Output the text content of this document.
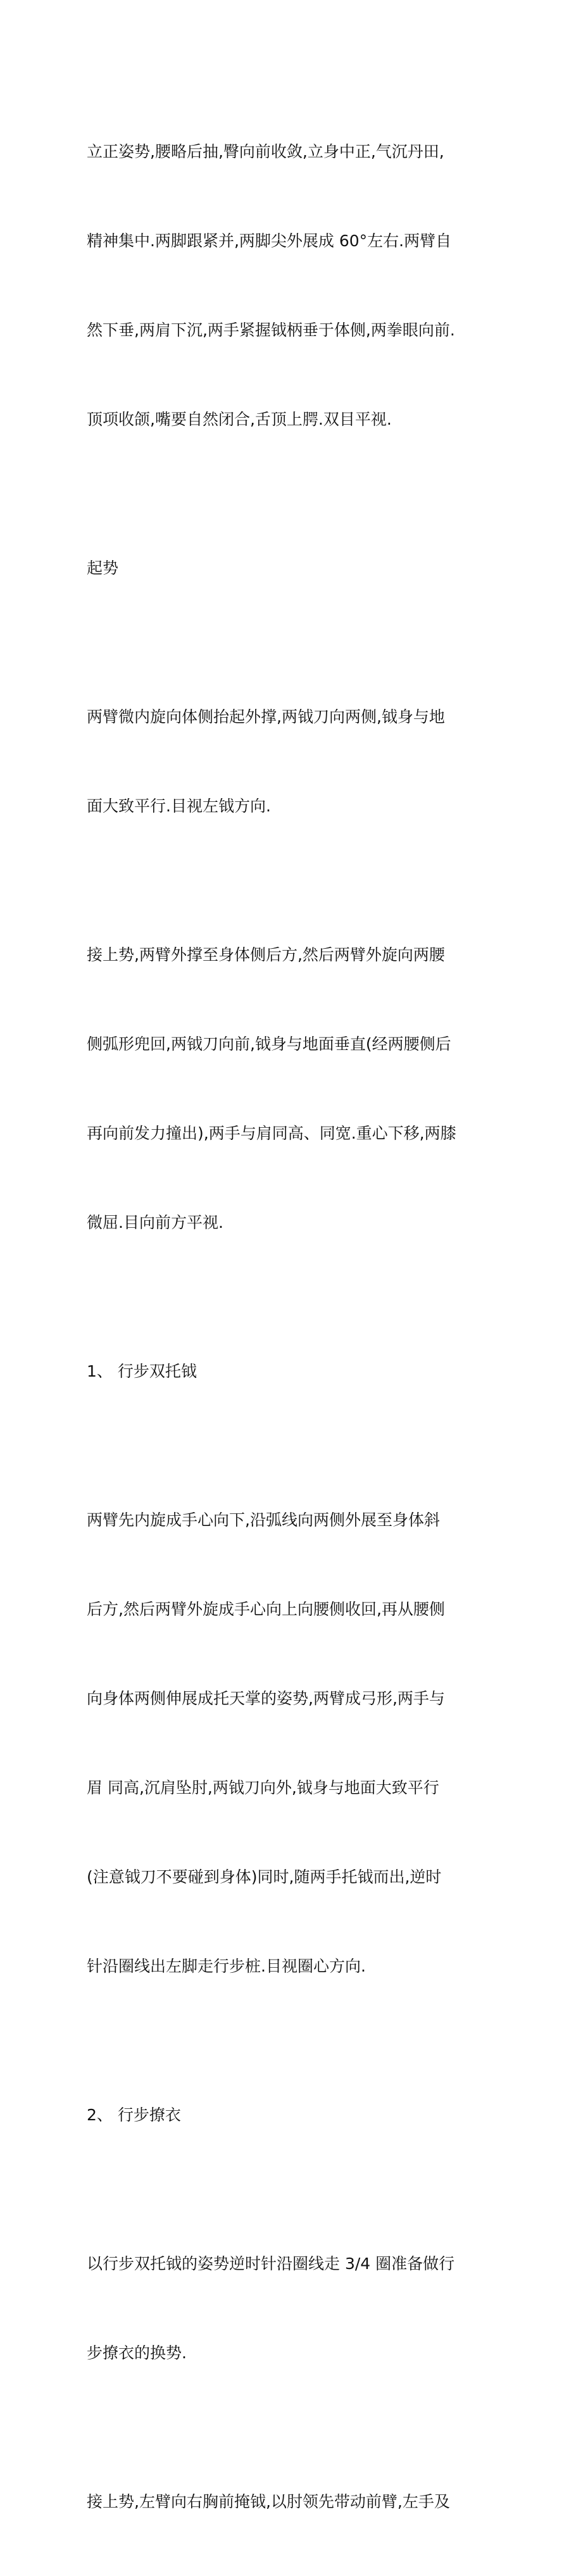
立正姿势,腰略后抽,臀向前收敛,立身中正,气沉丹田,

精神集中.两脚跟紧并,两脚尖外展成 60°左右.两臂自

然下垂,两肩下沉,两手紧握钺柄垂于体侧,两拳眼向前.

顶项收颌,嘴要自然闭合,舌顶上腭.双目平视.

起势

两臂微内旋向体侧抬起外撑,两钺刀向两侧,钺身与地

面大致平行.目视左钺方向.

接上势,两臂外撑至身体侧后方,然后两臂外旋向两腰

侧弧形兜回,两钺刀向前,钺身与地面垂直(经两腰侧后

再向前发力撞出),两手与肩同高、同宽.重心下移,两膝

微屈.目向前方平视.

1、 行步双托钺

两臂先内旋成手心向下,沿弧线向两侧外展至身体斜

后方,然后两臂外旋成手心向上向腰侧收回,再从腰侧

向身体两侧伸展成托天掌的姿势,两臂成弓形,两手与

眉 同高,沉肩坠肘,两钺刀向外,钺身与地面大致平行

(注意钺刀不要碰到身体)同时,随两手托钺而出,逆时

针沿圈线出左脚走行步桩.目视圈心方向.

2、 行步撩衣

以行步双托钺的姿势逆时针沿圈线走 3/4 圈准备做行

步撩衣的换势.

接上势,左臂向右胸前掩钺,以肘领先带动前臂,左手及
